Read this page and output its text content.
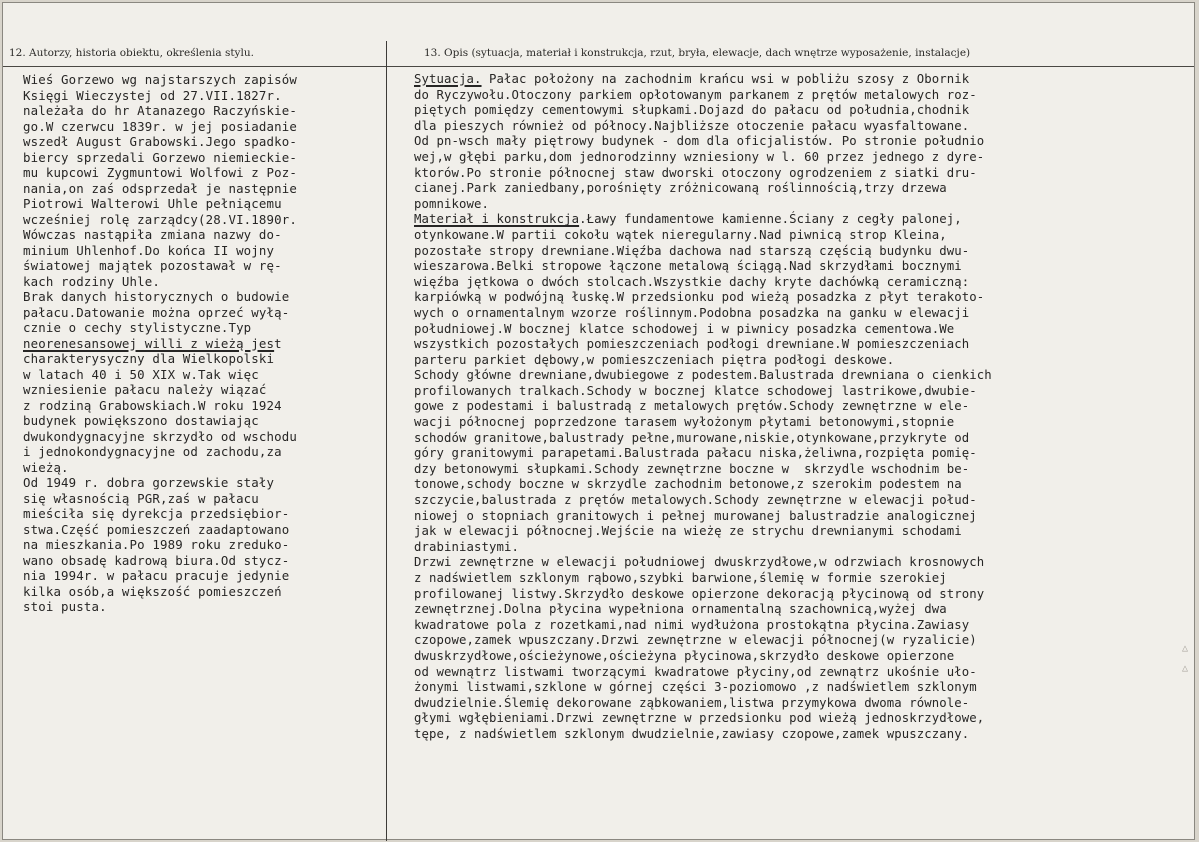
12. Autorzy, historia obiektu, określenia stylu.	13. Opis (sytuacja, materiał i konstrukcja, rzut, bryła, elewacje, dach wnętrze wyposażenie, instalacje)
Wieś Gorzewo wg najstarszych zapisów
Księgi Wieczystej od 27.VII.1827r.
należała do hr Atanazego Raczyńskie-
go.W czerwcu 1839r. w jej posiadanie
wszedł August Grabowski.Jego spadko-
biercy sprzedali Gorzewo niemieckie-
mu kupcowi Zygmuntowi Wolfowi z Poz-
nania,on zaś odsprzedał je następnie
Piotrowi Walterowi Uhle pełniącemu
wcześniej rolę zarządcy(28.VI.1890r.
Wówczas nastąpiła zmiana nazwy do-
minium Uhlenhof.Do końca II wojny
światowej majątek pozostawał w rę-
kach rodziny Uhle.
Brak danych historycznych o budowie
pałacu.Datowanie można oprzeć wyłą-
cznie o cechy stylistyczne.Typ
neorenesansowej willi z wieżą jest
charakterysyczny dla Wielkopolski
w latach 40 i 50 XIX w.Tak więc
wzniesienie pałacu należy wiązać
z rodziną Grabowskiach.W roku 1924
budynek powiększono dostawiając
dwukondygnacyjne skrzydło od wschodu
i jednokondygnacyjne od zachodu,za
wieżą.
Od 1949 r. dobra gorzewskie stały
się własnością PGR,zaś w pałacu
mieściła się dyrekcja przedsiębior-
stwa.Część pomieszczeń zaadaptowano
na mieszkania.Po 1989 roku zreduko-
wano obsadę kadrową biura.Od stycz-
nia 1994r. w pałacu pracuje jedynie
kilka osób,a większość pomieszczeń
stoi pusta.
Sytuacja. Pałac położony na zachodnim krańcu wsi w pobliżu szosy z Obornik
do Ryczywołu.Otoczony parkiem opłotowanym parkanem z prętów metalowych roz-
piętych pomiędzy cementowymi słupkami.Dojazd do pałacu od południa,chodnik
dla pieszych również od północy.Najbliższe otoczenie pałacu wyasfaltowane.
Od pn-wsch mały piętrowy budynek - dom dla oficjalistów. Po stronie południo
wej,w głębi parku,dom jednorodzinny wzniesiony w l. 60 przez jednego z dyre-
ktorów.Po stronie północnej staw dworski otoczony ogrodzeniem z siatki dru-
cianej.Park zaniedbany,porośnięty zróżnicowaną roślinnością,trzy drzewa
pomnikowe.
Materiał i konstrukcja.Ławy fundamentowe kamienne.Ściany z cegły palonej,
otynkowane.W partii cokołu wątek nieregularny.Nad piwnicą strop Kleina,
pozostałe stropy drewniane.Więźba dachowa nad starszą częścią budynku dwu-
wieszarowa.Belki stropowe łączone metalową ściągą.Nad skrzydłami bocznymi
więźba jętkowa o dwóch stolcach.Wszystkie dachy kryte dachówką ceramiczną:
karpiówką w podwójną łuskę.W przedsionku pod wieżą posadzka z płyt terakoto-
wych o ornamentalnym wzorze roślinnym.Podobna posadzka na ganku w elewacji
południowej.W bocznej klatce schodowej i w piwnicy posadzka cementowa.We
wszystkich pozostałych pomieszczeniach podłogi drewniane.W pomieszczeniach
parteru parkiet dębowy,w pomieszczeniach piętra podłogi deskowe.
Schody główne drewniane,dwubiegowe z podestem.Balustrada drewniana o cienkich
profilowanych tralkach.Schody w bocznej klatce schodowej lastrikowe,dwubie-
gowe z podestami i balustradą z metalowych prętów.Schody zewnętrzne w ele-
wacji północnej poprzedzone tarasem wyłożonym płytami betonowymi,stopnie
schodów granitowe,balustrady pełne,murowane,niskie,otynkowane,przykryte od
góry granitowymi parapetami.Balustrada pałacu niska,żeliwna,rozpięta pomię-
dzy betonowymi słupkami.Schody zewnętrzne boczne w  skrzydle wschodnim be-
tonowe,schody boczne w skrzydle zachodnim betonowe,z szerokim podestem na
szczycie,balustrada z prętów metalowych.Schody zewnętrzne w elewacji połud-
niowej o stopniach granitowych i pełnej murowanej balustradzie analogicznej
jak w elewacji północnej.Wejście na wieżę ze strychu drewnianymi schodami
drabiniastymi.
Drzwi zewnętrzne w elewacji południowej dwuskrzydłowe,w odrzwiach krosnowych
z nadświetlem szklonym rąbowo,szybki barwione,ślemię w formie szerokiej
profilowanej listwy.Skrzydło deskowe opierzone dekoracją płycinową od strony
zewnętrznej.Dolna płycina wypełniona ornamentalną szachownicą,wyżej dwa
kwadratowe pola z rozetkami,nad nimi wydłużona prostokątna płycina.Zawiasy
czopowe,zamek wpuszczany.Drzwi zewnętrzne w elewacji północnej(w ryzalicie)
dwuskrzydłowe,ościeżynowe,ościeżyna płycinowa,skrzydło deskowe opierzone
od wewnątrz listwami tworzącymi kwadratowe płyciny,od zewnątrz ukośnie uło-
żonymi listwami,szklone w górnej części 3-poziomowo ,z nadświetlem szklonym
dwudzielnie.Ślemię dekorowane ząbkowaniem,listwa przymykowa dwoma równole-
głymi wgłębieniami.Drzwi zewnętrzne w przedsionku pod wieżą jednoskrzydłowe,
tępe, z nadświetlem szklonym dwudzielnie,zawiasy czopowe,zamek wpuszczany.
△
△
